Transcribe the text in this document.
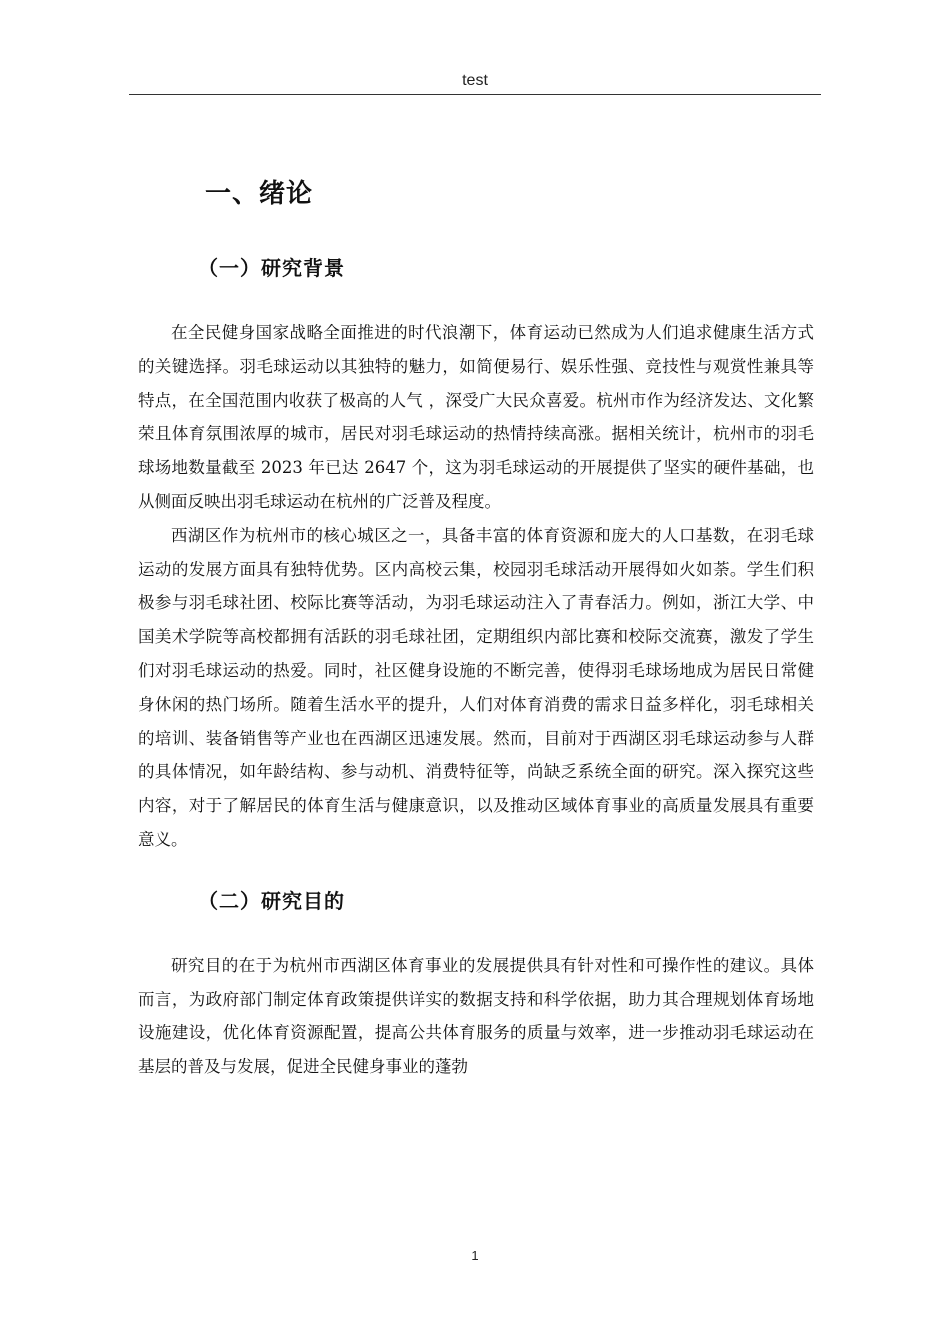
test
一、绪论
（一）研究背景

在全民健身国家战略全面推进的时代浪潮下，体育运动已然成为人们追求健康生活方式的关键选择。羽毛球运动以其独特的魅力，如简便易行、娱乐性强、竞技性与观赏性兼具等特点，在全国范围内收获了极高的人气 ，深受广大民众喜爱。杭州市作为经济发达、文化繁荣且体育氛围浓厚的城市，居民对羽毛球运动的热情持续高涨。据相关统计，杭州市的羽毛球场地数量截至 2023 年已达 2647 个，这为羽毛球运动的开展提供了坚实的硬件基础，也从侧面反映出羽毛球运动在杭州的广泛普及程度。

西湖区作为杭州市的核心城区之一，具备丰富的体育资源和庞大的人口基数，在羽毛球运动的发展方面具有独特优势。区内高校云集，校园羽毛球活动开展得如火如荼。学生们积极参与羽毛球社团、校际比赛等活动，为羽毛球运动注入了青春活力。例如，浙江大学、中国美术学院等高校都拥有活跃的羽毛球社团，定期组织内部比赛和校际交流赛，激发了学生们对羽毛球运动的热爱。同时，社区健身设施的不断完善，使得羽毛球场地成为居民日常健身休闲的热门场所。随着生活水平的提升，人们对体育消费的需求日益多样化，羽毛球相关的培训、装备销售等产业也在西湖区迅速发展。然而，目前对于西湖区羽毛球运动参与人群的具体情况，如年龄结构、参与动机、消费特征等，尚缺乏系统全面的研究。深入探究这些内容，对于了解居民的体育生活与健康意识，以及推动区域体育事业的高质量发展具有重要意义。

（二）研究目的

研究目的在于为杭州市西湖区体育事业的发展提供具有针对性和可操作性的建议。具体而言，为政府部门制定体育政策提供详实的数据支持和科学依据，助力其合理规划体育场地设施建设，优化体育资源配置，提高公共体育服务的质量与效率，进一步推动羽毛球运动在基层的普及与发展，促进全民健身事业的蓬勃

1
